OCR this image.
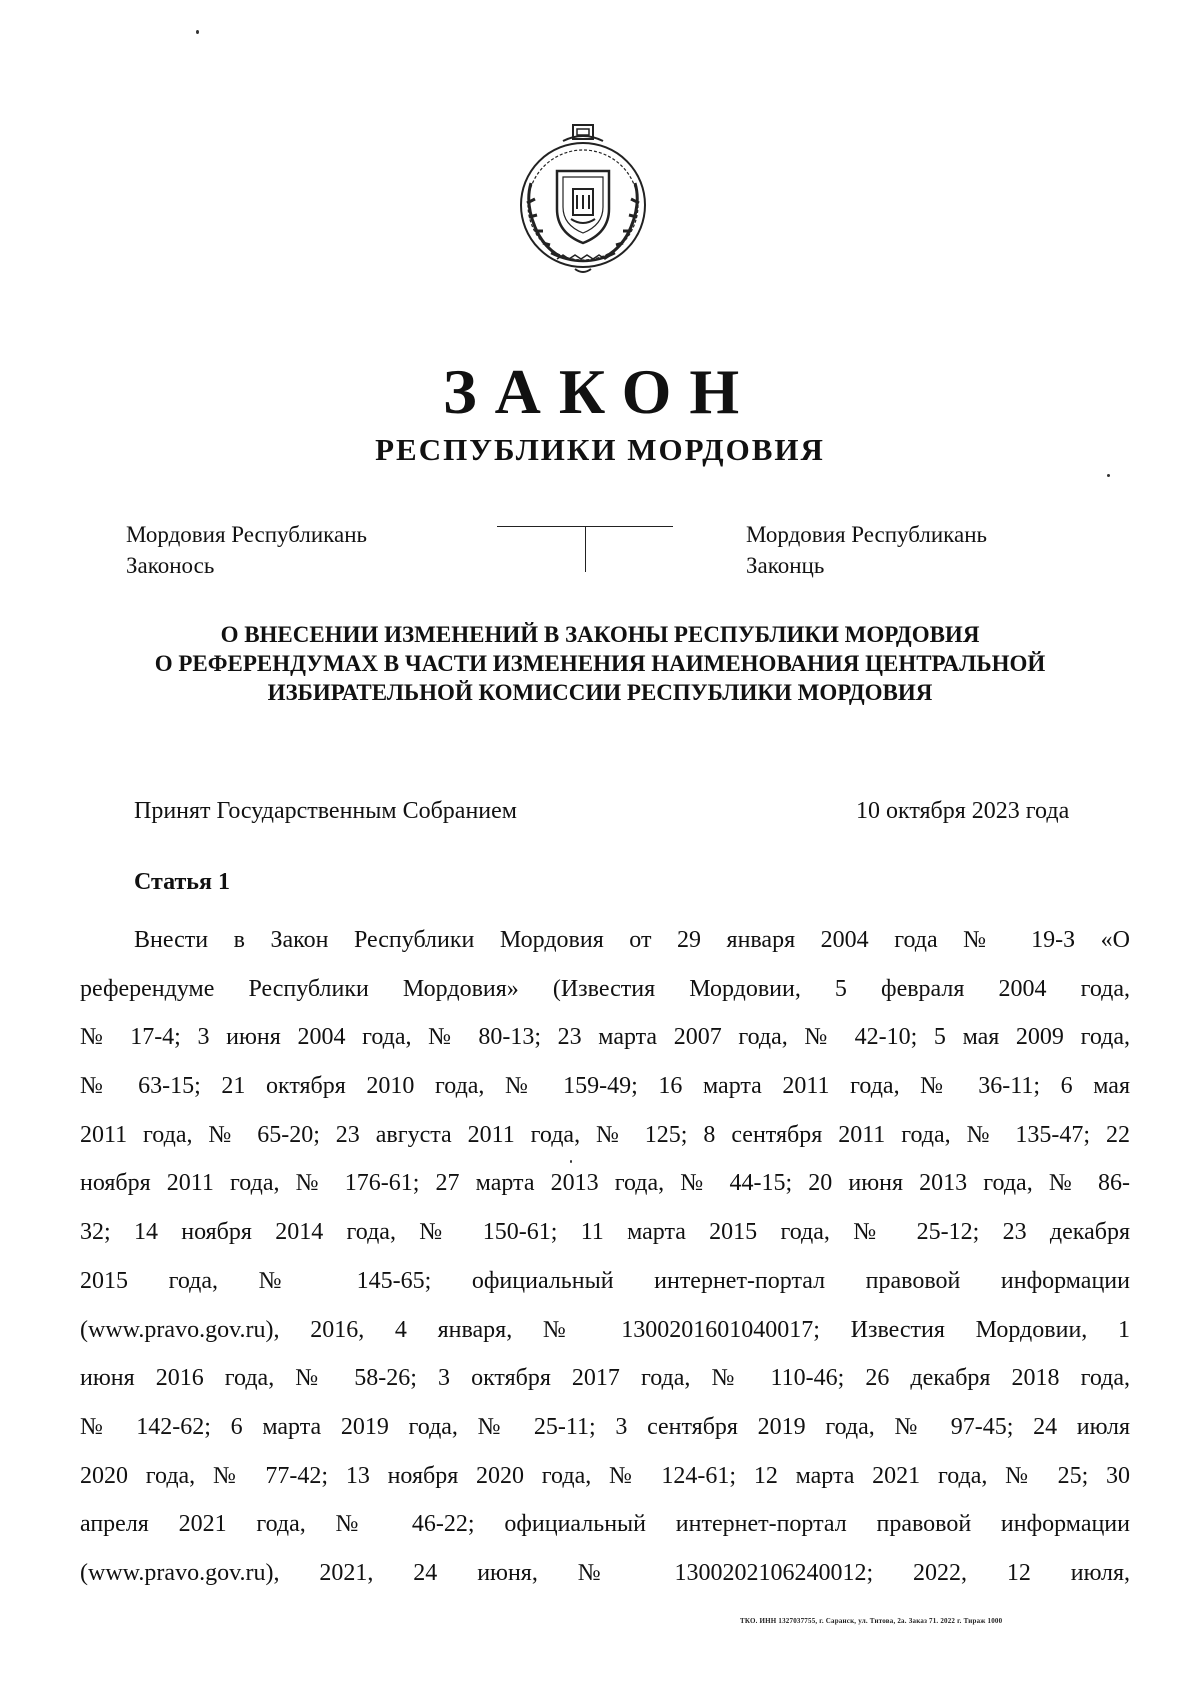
ЗАКОН
РЕСПУБЛИКИ МОРДОВИЯ
Мордовия Республикань
Законось
Мордовия Республикань
Законць
О ВНЕСЕНИИ ИЗМЕНЕНИЙ В ЗАКОНЫ РЕСПУБЛИКИ МОРДОВИЯ
О РЕФЕРЕНДУМАХ В ЧАСТИ ИЗМЕНЕНИЯ НАИМЕНОВАНИЯ ЦЕНТРАЛЬНОЙ
ИЗБИРАТЕЛЬНОЙ КОМИССИИ РЕСПУБЛИКИ МОРДОВИЯ
Принят Государственным Собранием	10 октября 2023 года
Статья 1
Внести в Закон Республики Мордовия от 29 января 2004 года № 19-З «О
референдуме Республики Мордовия» (Известия Мордовии, 5 февраля 2004 года,
№ 17-4; 3 июня 2004 года, № 80-13; 23 марта 2007 года, № 42-10; 5 мая 2009 года,
№ 63-15; 21 октября 2010 года, № 159-49; 16 марта 2011 года, № 36-11; 6 мая
2011 года, № 65-20; 23 августа 2011 года, № 125; 8 сентября 2011 года, № 135-47; 22
ноября 2011 года, № 176-61; 27 марта 2013 года, № 44-15; 20 июня 2013 года, № 86-
32; 14 ноября 2014 года, № 150-61; 11 марта 2015 года, № 25-12; 23 декабря
2015 года, № 145-65; официальный интернет-портал правовой информации
(www.pravo.gov.ru), 2016, 4 января, № 1300201601040017; Известия Мордовии, 1
июня 2016 года, № 58-26; 3 октября 2017 года, № 110-46; 26 декабря 2018 года,
№ 142-62; 6 марта 2019 года, № 25-11; 3 сентября 2019 года, № 97-45; 24 июля
2020 года, № 77-42; 13 ноября 2020 года, № 124-61; 12 марта 2021 года, № 25; 30
апреля 2021 года, № 46-22; официальный интернет-портал правовой информации
(www.pravo.gov.ru), 2021, 24 июня, № 1300202106240012; 2022, 12 июля,
ТКО. ИНН 1327037755, г. Саранск, ул. Титова, 2а. Заказ 71. 2022 г. Тираж 1000
